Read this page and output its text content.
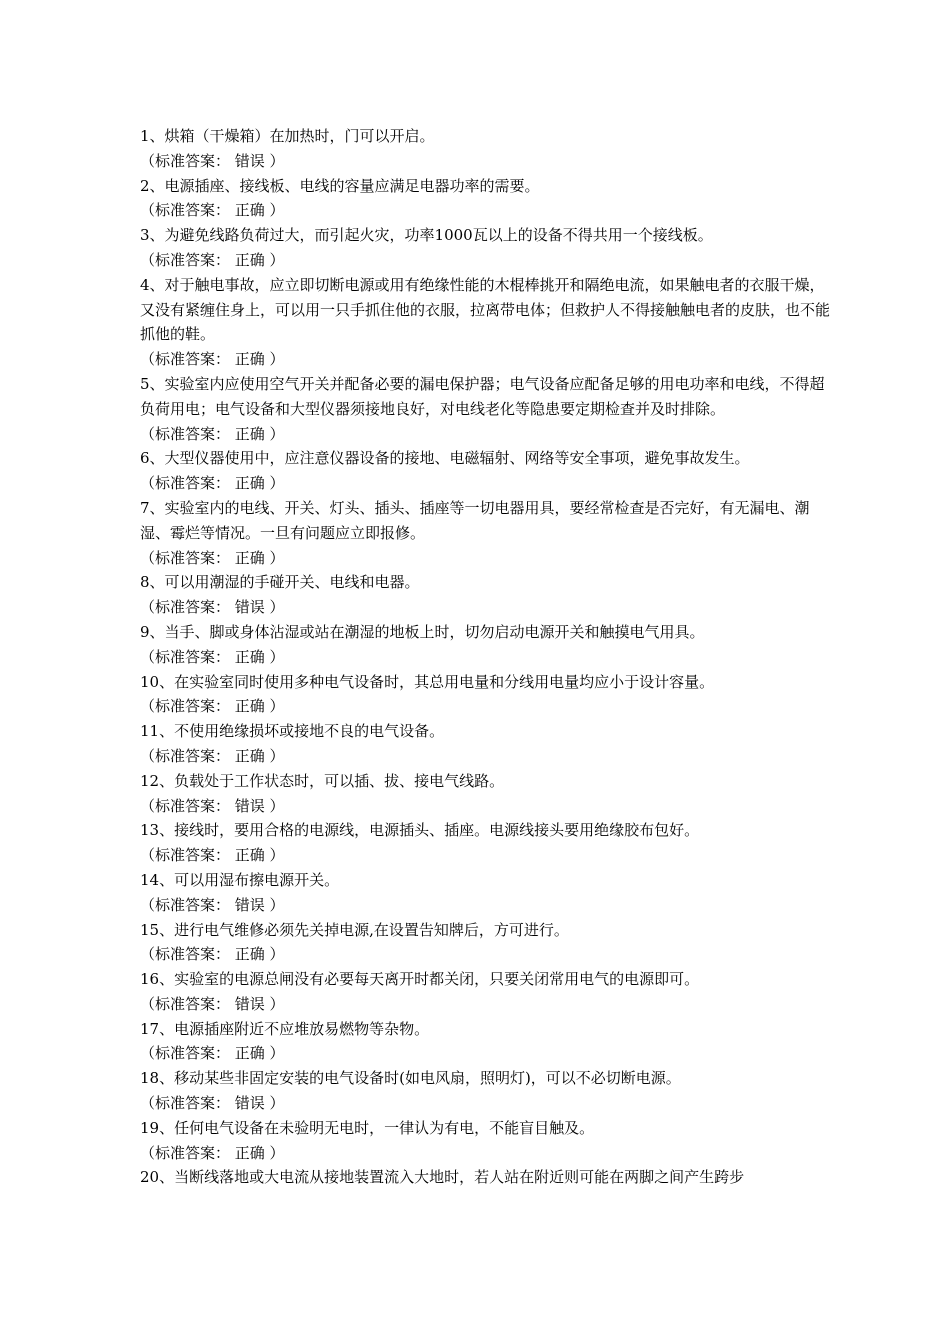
1、烘箱（干燥箱）在加热时，门可以开启。

（标准答案： 错误 ）

2、电源插座、接线板、电线的容量应满足电器功率的需要。

（标准答案： 正确 ）

3、为避免线路负荷过大，而引起火灾，功率1000瓦以上的设备不得共用一个接线板。

（标准答案： 正确 ）

4、对于触电事故，应立即切断电源或用有绝缘性能的木棍棒挑开和隔绝电流，如果触电者的衣服干燥，又没有紧缠住身上，可以用一只手抓住他的衣服，拉离带电体；但救护人不得接触触电者的皮肤，也不能抓他的鞋。

（标准答案： 正确 ）

5、实验室内应使用空气开关并配备必要的漏电保护器；电气设备应配备足够的用电功率和电线，不得超负荷用电；电气设备和大型仪器须接地良好，对电线老化等隐患要定期检查并及时排除。

（标准答案： 正确 ）

6、大型仪器使用中，应注意仪器设备的接地、电磁辐射、网络等安全事项，避免事故发生。

（标准答案： 正确 ）

7、实验室内的电线、开关、灯头、插头、插座等一切电器用具，要经常检查是否完好，有无漏电、潮湿、霉烂等情况。一旦有问题应立即报修。

（标准答案： 正确 ）

8、可以用潮湿的手碰开关、电线和电器。

（标准答案： 错误 ）

9、当手、脚或身体沾湿或站在潮湿的地板上时，切勿启动电源开关和触摸电气用具。

（标准答案： 正确 ）

10、在实验室同时使用多种电气设备时，其总用电量和分线用电量均应小于设计容量。

（标准答案： 正确 ）

11、不使用绝缘损坏或接地不良的电气设备。

（标准答案： 正确 ）

12、负载处于工作状态时，可以插、拔、接电气线路。

（标准答案： 错误 ）

13、接线时，要用合格的电源线，电源插头、插座。电源线接头要用绝缘胶布包好。

（标准答案： 正确 ）

14、可以用湿布擦电源开关。

（标准答案： 错误 ）

15、进行电气维修必须先关掉电源,在设置告知牌后，方可进行。

（标准答案： 正确 ）

16、实验室的电源总闸没有必要每天离开时都关闭，只要关闭常用电气的电源即可。

（标准答案： 错误 ）

17、电源插座附近不应堆放易燃物等杂物。

（标准答案： 正确 ）

18、移动某些非固定安装的电气设备时(如电风扇，照明灯)，可以不必切断电源。

（标准答案： 错误 ）

19、任何电气设备在未验明无电时，一律认为有电，不能盲目触及。

（标准答案： 正确 ）

20、当断线落地或大电流从接地装置流入大地时，若人站在附近则可能在两脚之间产生跨步
